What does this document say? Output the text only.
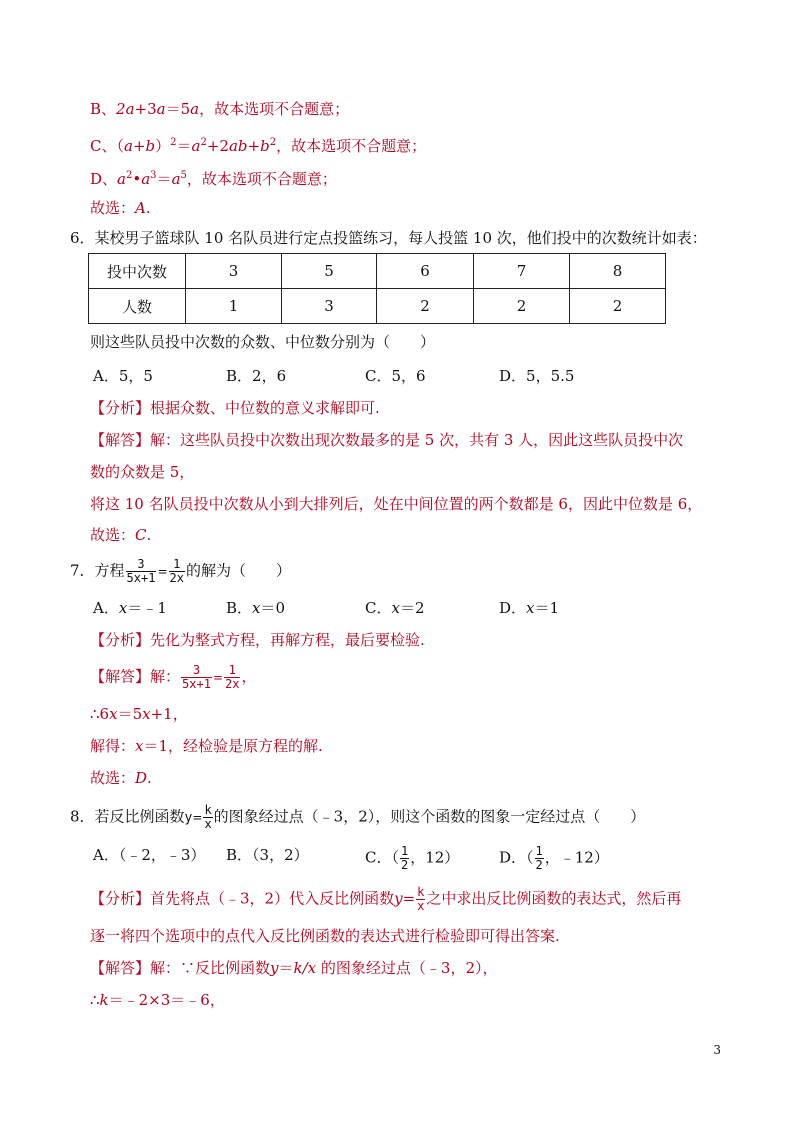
B、2a+3a＝5a，故本选项不合题意；
C、$(a+b)^2=a^2+2ab+b^2$，故本选项不合题意；
D、$a^2•a^3=a^5$，故本选项不合题意；
故选：A.
6．某校男子篮球队 10 名队员进行定点投篮练习，每人投篮 10 次，他们投中的次数统计如表：
投中次数	3	5	6	7	8
人数	1	3	2	2	2
则这些队员投中次数的众数、中位数分别为（　　）
A．5，5	B．2，6	C．5，6	D．5，5.5
【分析】根据众数、中位数的意义求解即可.
【解答】解：这些队员投中次数出现次数最多的是 5 次，共有 3 人，因此这些队员投中次
数的众数是 5，
将这 10 名队员投中次数从小到大排列后，处在中间位置的两个数都是 6，因此中位数是 6，
故选：C.
7．方程 $\frac{3}{5x+1} = \frac{1}{2x}$ 的解为（　　）
A．x＝﹣1	B．x＝0	C．x＝2	D．x＝1
【分析】先化为整式方程，再解方程，最后要检验.
【解答】解： $\frac{3}{5x+1} = \frac{1}{2x}$ ，
∴6x＝5x+1，
解得：x＝1，经检验是原方程的解.
故选：D.
8．若反比例函数$y= \frac{k}{x}$ 的图象经过点（﹣3，2），则这个函数的图象一定经过点（　　）
A．（﹣2，﹣3） B．（3，2）	C．（ $\frac{1}{2}$ ，12）	D．（ $\frac{1}{2}$ ，﹣12）
【分析】首先将点（﹣3，2）代入反比例函数$y= \frac{k}{x}$ 之中求出反比例函数的表达式，然后再
逐一将四个选项中的点代入反比例函数的表达式进行检验即可得出答案.
【解答】解：∵反比例函数y＝k/x 的图象经过点（﹣3，2），
∴k＝﹣2×3＝﹣6，
3
